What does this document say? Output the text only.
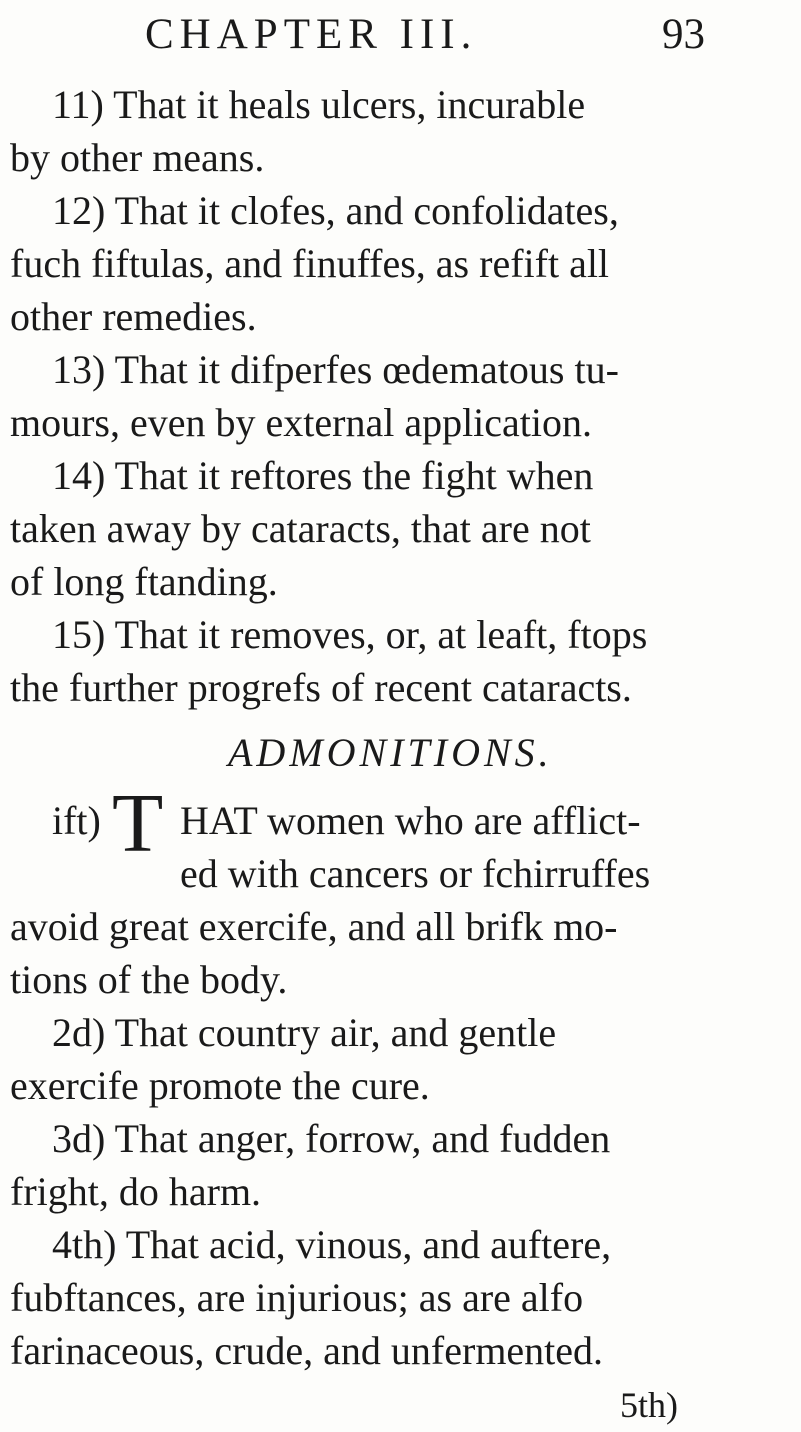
CHAPTER III.	93
11) That it heals ulcers, incurable
by other means.
12) That it clofes, and confolidates,
fuch fiftulas, and finuffes, as refift all
other remedies.
13) That it difperfes œdematous tu-
mours, even by external application.
14) That it reftores the fight when
taken away by cataracts, that are not
of long ftanding.
15) That it removes, or, at leaft, ftops
the further progrefs of recent cataracts.
ADMONITIONS.
ift) T HAT women who are afflict-
ed with cancers or fchirruffes
avoid great exercife, and all brifk mo-
tions of the body.
2d) That country air, and gentle
exercife promote the cure.
3d) That anger, forrow, and fudden
fright, do harm.
4th) That acid, vinous, and auftere,
fubftances, are injurious; as are alfo
farinaceous, crude, and unfermented.
5th)
